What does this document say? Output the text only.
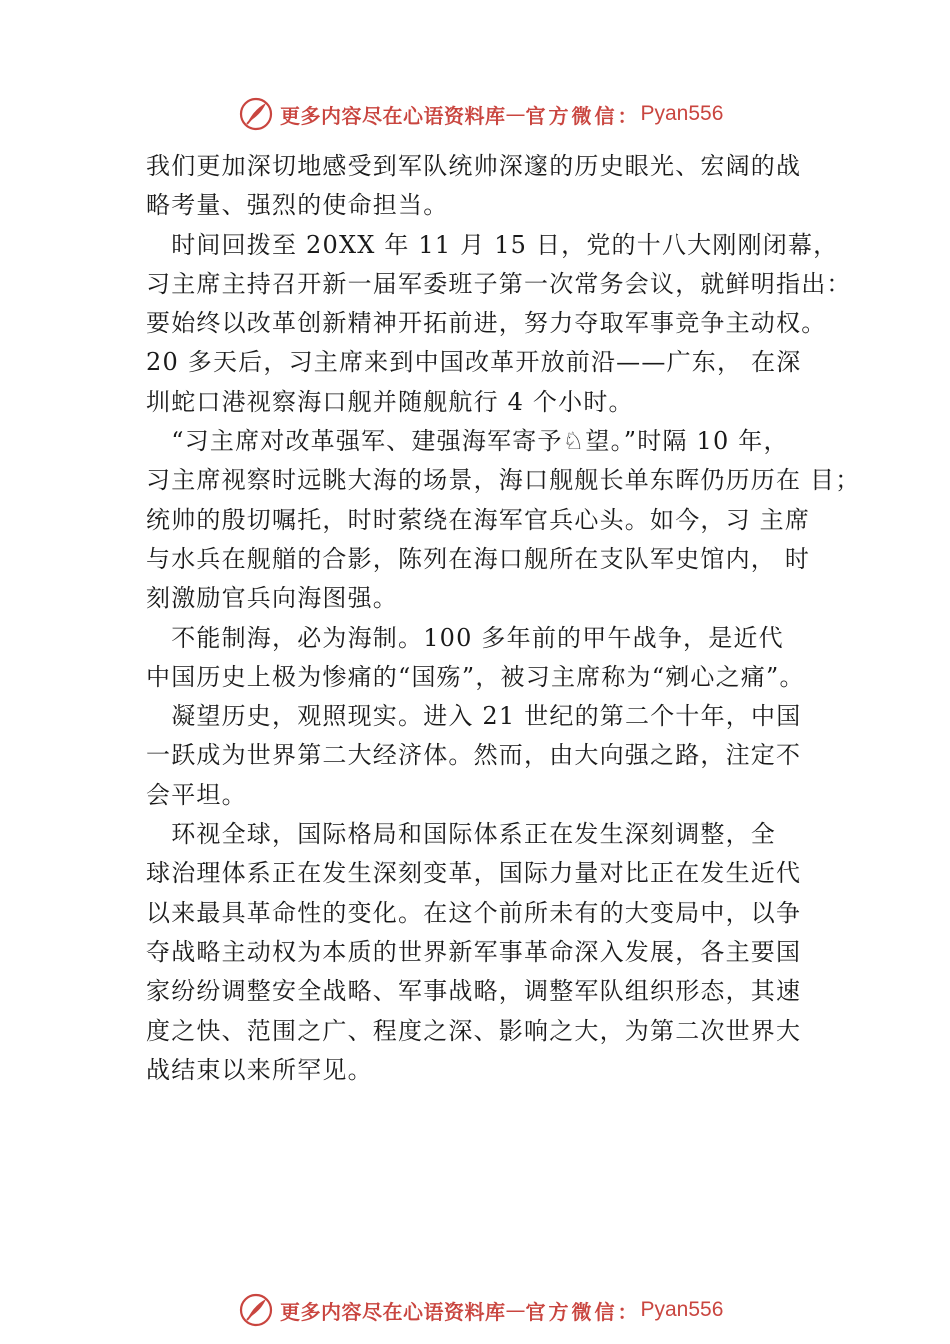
更多内容尽在心语资料库 — 官方微信： Pyan556
我们更加深切地感受到军队统帅深邃的历史眼光、宏阔的战
略考量、强烈的使命担当。
　时间回拨至 20XX 年 11 月 15 日，党的十八大刚刚闭幕，
习主席主持召开新一届军委班子第一次常务会议，就鲜明指出：
要始终以改革创新精神开拓前进，努力夺取军事竞争主动权。
20 多天后，习主席来到中国改革开放前沿——广东， 在深
圳蛇口港视察海口舰并随舰航行 4 个小时。
　“习主席对改革强军、建强海军寄予♘望。”时隔 10 年，
习主席视察时远眺大海的场景，海口舰舰长单东晖仍历历在 目；
统帅的殷切嘱托，时时萦绕在海军官兵心头。如今，习 主席
与水兵在舰艏的合影，陈列在海口舰所在支队军史馆内， 时
刻激励官兵向海图强。
　不能制海，必为海制。100 多年前的甲午战争，是近代
中国历史上极为惨痛的“国殇”，被习主席称为“剜心之痛”。
　凝望历史，观照现实。进入 21 世纪的第二个十年，中国
一跃成为世界第二大经济体。然而，由大向强之路，注定不
会平坦。
　环视全球，国际格局和国际体系正在发生深刻调整，全
球治理体系正在发生深刻变革，国际力量对比正在发生近代
以来最具革命性的变化。在这个前所未有的大变局中，以争
夺战略主动权为本质的世界新军事革命深入发展，各主要国
家纷纷调整安全战略、军事战略，调整军队组织形态，其速
度之快、范围之广、程度之深、影响之大，为第二次世界大
战结束以来所罕见。
更多内容尽在心语资料库 — 官方微信： Pyan556
